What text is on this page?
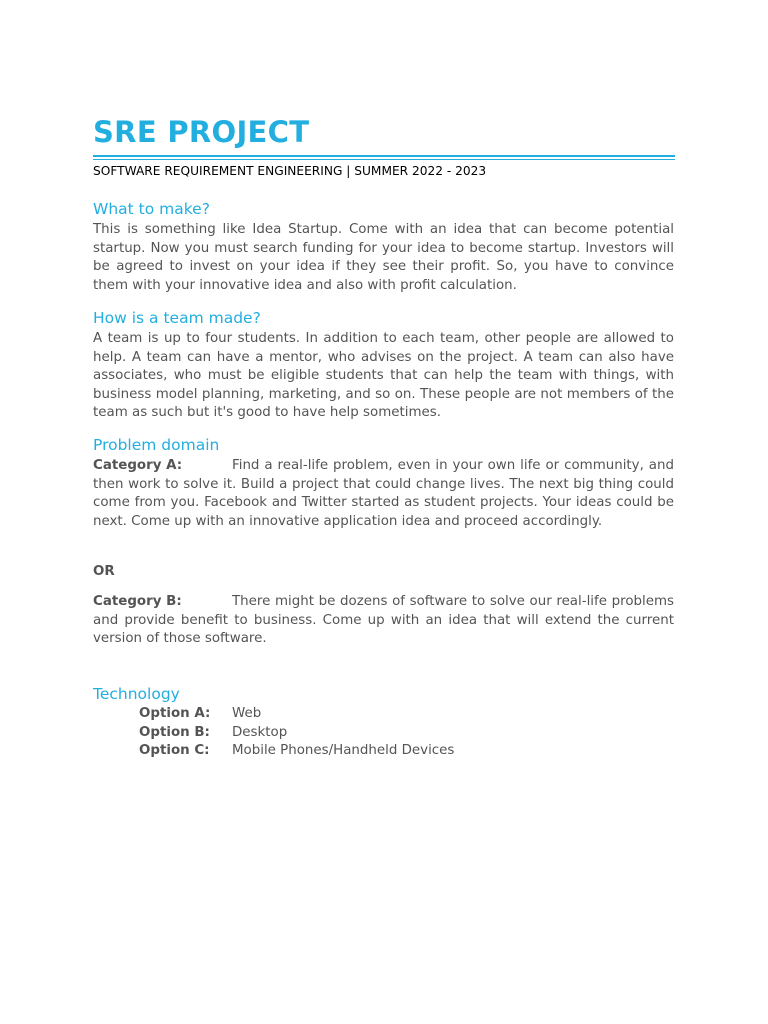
SRE PROJECT
SOFTWARE REQUIREMENT ENGINEERING | SUMMER 2022 - 2023
What to make?

This is something like Idea Startup. Come with an idea that can become potential startup. Now you must search funding for your idea to become startup. Investors will be agreed to invest on your idea if they see their profit. So, you have to convince them with your innovative idea and also with profit calculation.

How is a team made?

A team is up to four students. In addition to each team, other people are allowed to help. A team can have a mentor, who advises on the project. A team can also have associates, who must be eligible students that can help the team with things, with business model planning, marketing, and so on. These people are not members of the team as such but it's good to have help sometimes.

Problem domain

Category A:	Find a real-life problem, even in your own life or community, and then work to solve it. Build a project that could change lives. The next big thing could come from you. Facebook and Twitter started as student projects. Your ideas could be next. Come up with an innovative application idea and proceed accordingly.

OR

Category B:	There might be dozens of software to solve our real-life problems and provide benefit to business. Come up with an idea that will extend the current version of those software.

Technology
Option A: Web
Option B: Desktop
Option C: Mobile Phones/Handheld Devices
